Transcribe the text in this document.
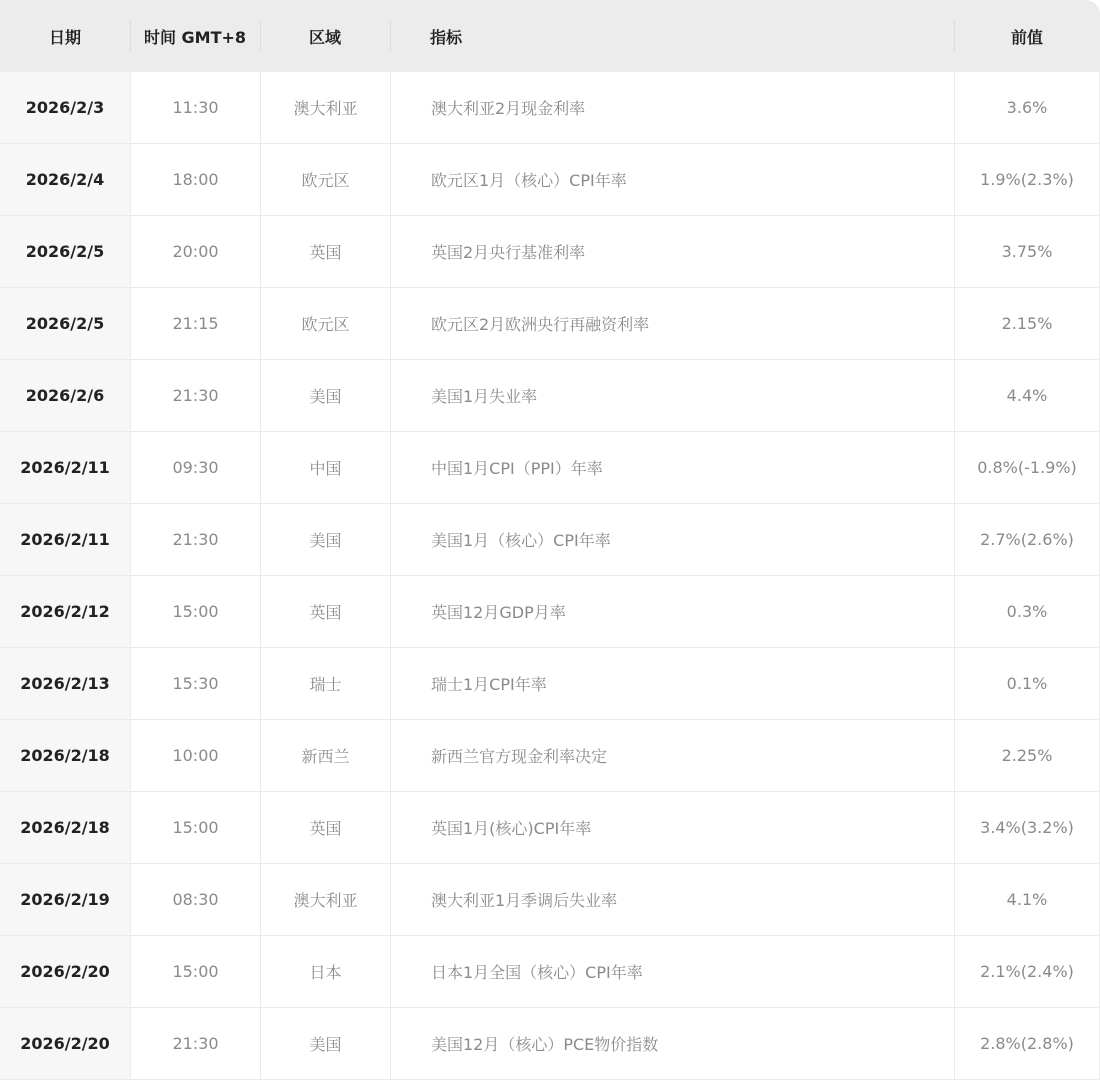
日期	时间 GMT+8	区域	指标	前值
2026/2/3	11:30	澳大利亚	澳大利亚2月现金利率	3.6%
2026/2/4	18:00	欧元区	欧元区1月（核心）CPI年率	1.9%(2.3%)
2026/2/5	20:00	英国	英国2月央行基准利率	3.75%
2026/2/5	21:15	欧元区	欧元区2月欧洲央行再融资利率	2.15%
2026/2/6	21:30	美国	美国1月失业率	4.4%
2026/2/11	09:30	中国	中国1月CPI（PPI）年率	0.8%(-1.9%)
2026/2/11	21:30	美国	美国1月（核心）CPI年率	2.7%(2.6%)
2026/2/12	15:00	英国	英国12月GDP月率	0.3%
2026/2/13	15:30	瑞士	瑞士1月CPI年率	0.1%
2026/2/18	10:00	新西兰	新西兰官方现金利率决定	2.25%
2026/2/18	15:00	英国	英国1月(核心)CPI年率	3.4%(3.2%)
2026/2/19	08:30	澳大利亚	澳大利亚1月季调后失业率	4.1%
2026/2/20	15:00	日本	日本1月全国（核心）CPI年率	2.1%(2.4%)
2026/2/20	21:30	美国	美国12月（核心）PCE物价指数	2.8%(2.8%)
